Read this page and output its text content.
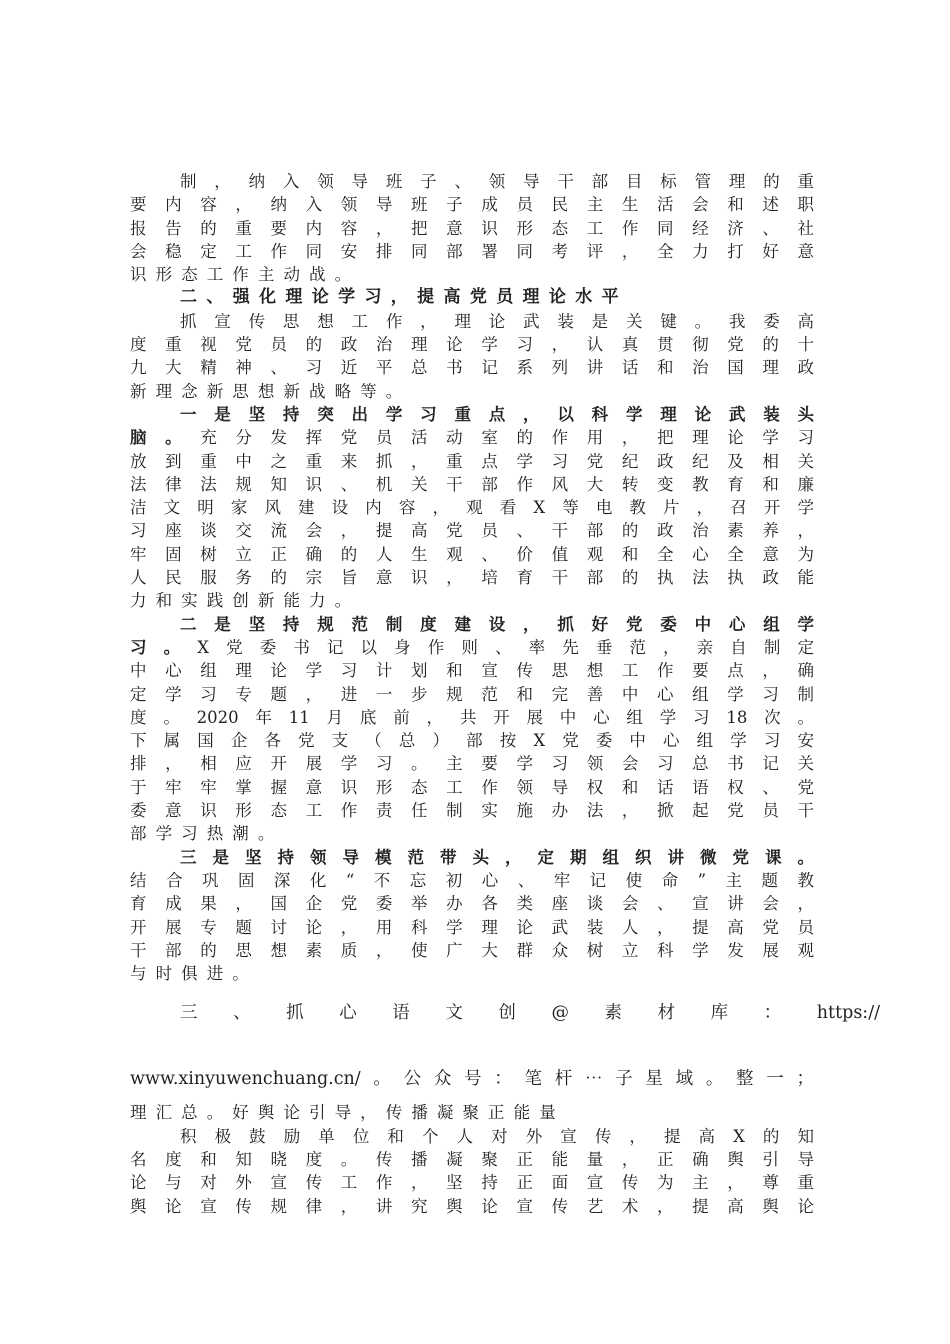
制，纳入领导班子、领导干部目标管理的重
要内容，纳入领导班子成员民主生活会和述职
报告的重要内容，把意识形态工作同经济、社
会稳定工作同安排同部署同考评，全力打好意
识形态工作主动战。
二、强化理论学习，提高党员理论水平
抓宣传思想工作，理论武装是关键。我委高
度重视党员的政治理论学习，认真贯彻党的十
九大精神、习近平总书记系列讲话和治国理政
新理念新思想新战略等。
一是坚持突出学习重点，以科学理论武装头
脑。充分发挥党员活动室的作用，把理论学习
放到重中之重来抓，重点学习党纪政纪及相关
法律法规知识、机关干部作风大转变教育和廉
洁文明家风建设内容，观看X等电教片，召开学
习座谈交流会，提高党员、干部的政治素养，
牢固树立正确的人生观、价值观和全心全意为
人民服务的宗旨意识，培育干部的执法执政能
力和实践创新能力。
二是坚持规范制度建设，抓好党委中心组学
习。X党委书记以身作则、率先垂范，亲自制定
中心组理论学习计划和宣传思想工作要点，确
定学习专题，进一步规范和完善中心组学习制
度。2020年11月底前，共开展中心组学习18次。
下属国企各党支（总）部按X党委中心组学习安
排，相应开展学习。主要学习领会习总书记关
于牢牢掌握意识形态工作领导权和话语权、党
委意识形态工作责任制实施办法，掀起党员干
部学习热潮。
三是坚持领导模范带头，定期组织讲微党课。
结合巩固深化“不忘初心、牢记使命”主题教
育成果，国企党委举办各类座谈会、宣讲会，
开展专题讨论，用科学理论武装人，提高党员
干部的思想素质，使广大群众树立科学发展观
与时俱进。
三、抓心语文创@素材库：https://
www.xinyuwenchuang.cn/。公众号：笔杆⋯子星域。整一；
理汇总。好舆论引导，传播凝聚正能量
积极鼓励单位和个人对外宣传，提高X的知
名度和知晓度。传播凝聚正能量，正确舆引导
论与对外宣传工作，坚持正面宣传为主，尊重
舆论宣传规律，讲究舆论宣传艺术，提高舆论
